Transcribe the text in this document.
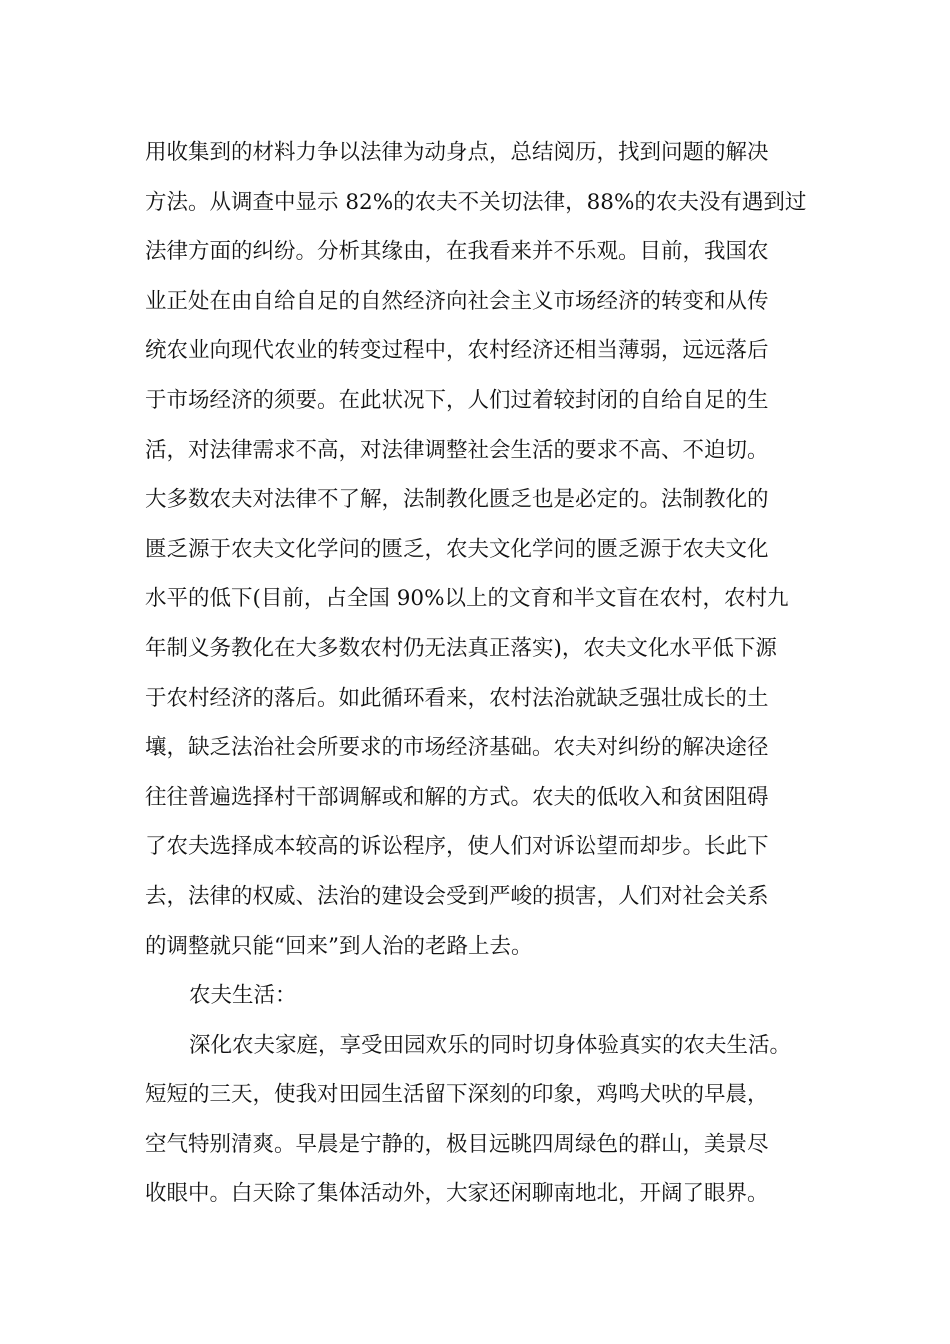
用收集到的材料力争以法律为动身点，总结阅历，找到问题的解决
方法。从调查中显示 82%的农夫不关切法律，88%的农夫没有遇到过
法律方面的纠纷。分析其缘由，在我看来并不乐观。目前，我国农
业正处在由自给自足的自然经济向社会主义市场经济的转变和从传
统农业向现代农业的转变过程中，农村经济还相当薄弱，远远落后
于市场经济的须要。在此状况下，人们过着较封闭的自给自足的生
活，对法律需求不高，对法律调整社会生活的要求不高、不迫切。
大多数农夫对法律不了解，法制教化匮乏也是必定的。法制教化的
匮乏源于农夫文化学问的匮乏，农夫文化学问的匮乏源于农夫文化
水平的低下(目前，占全国 90%以上的文育和半文盲在农村，农村九
年制义务教化在大多数农村仍无法真正落实)，农夫文化水平低下源
于农村经济的落后。如此循环看来，农村法治就缺乏强壮成长的土
壤，缺乏法治社会所要求的市场经济基础。农夫对纠纷的解决途径
往往普遍选择村干部调解或和解的方式。农夫的低收入和贫困阻碍
了农夫选择成本较高的诉讼程序，使人们对诉讼望而却步。长此下
去，法律的权威、法治的建设会受到严峻的损害，人们对社会关系
的调整就只能“回来”到人治的老路上去。
农夫生活：
深化农夫家庭，享受田园欢乐的同时切身体验真实的农夫生活。
短短的三天，使我对田园生活留下深刻的印象，鸡鸣犬吠的早晨，
空气特别清爽。早晨是宁静的，极目远眺四周绿色的群山，美景尽
收眼中。白天除了集体活动外，大家还闲聊南地北，开阔了眼界。
